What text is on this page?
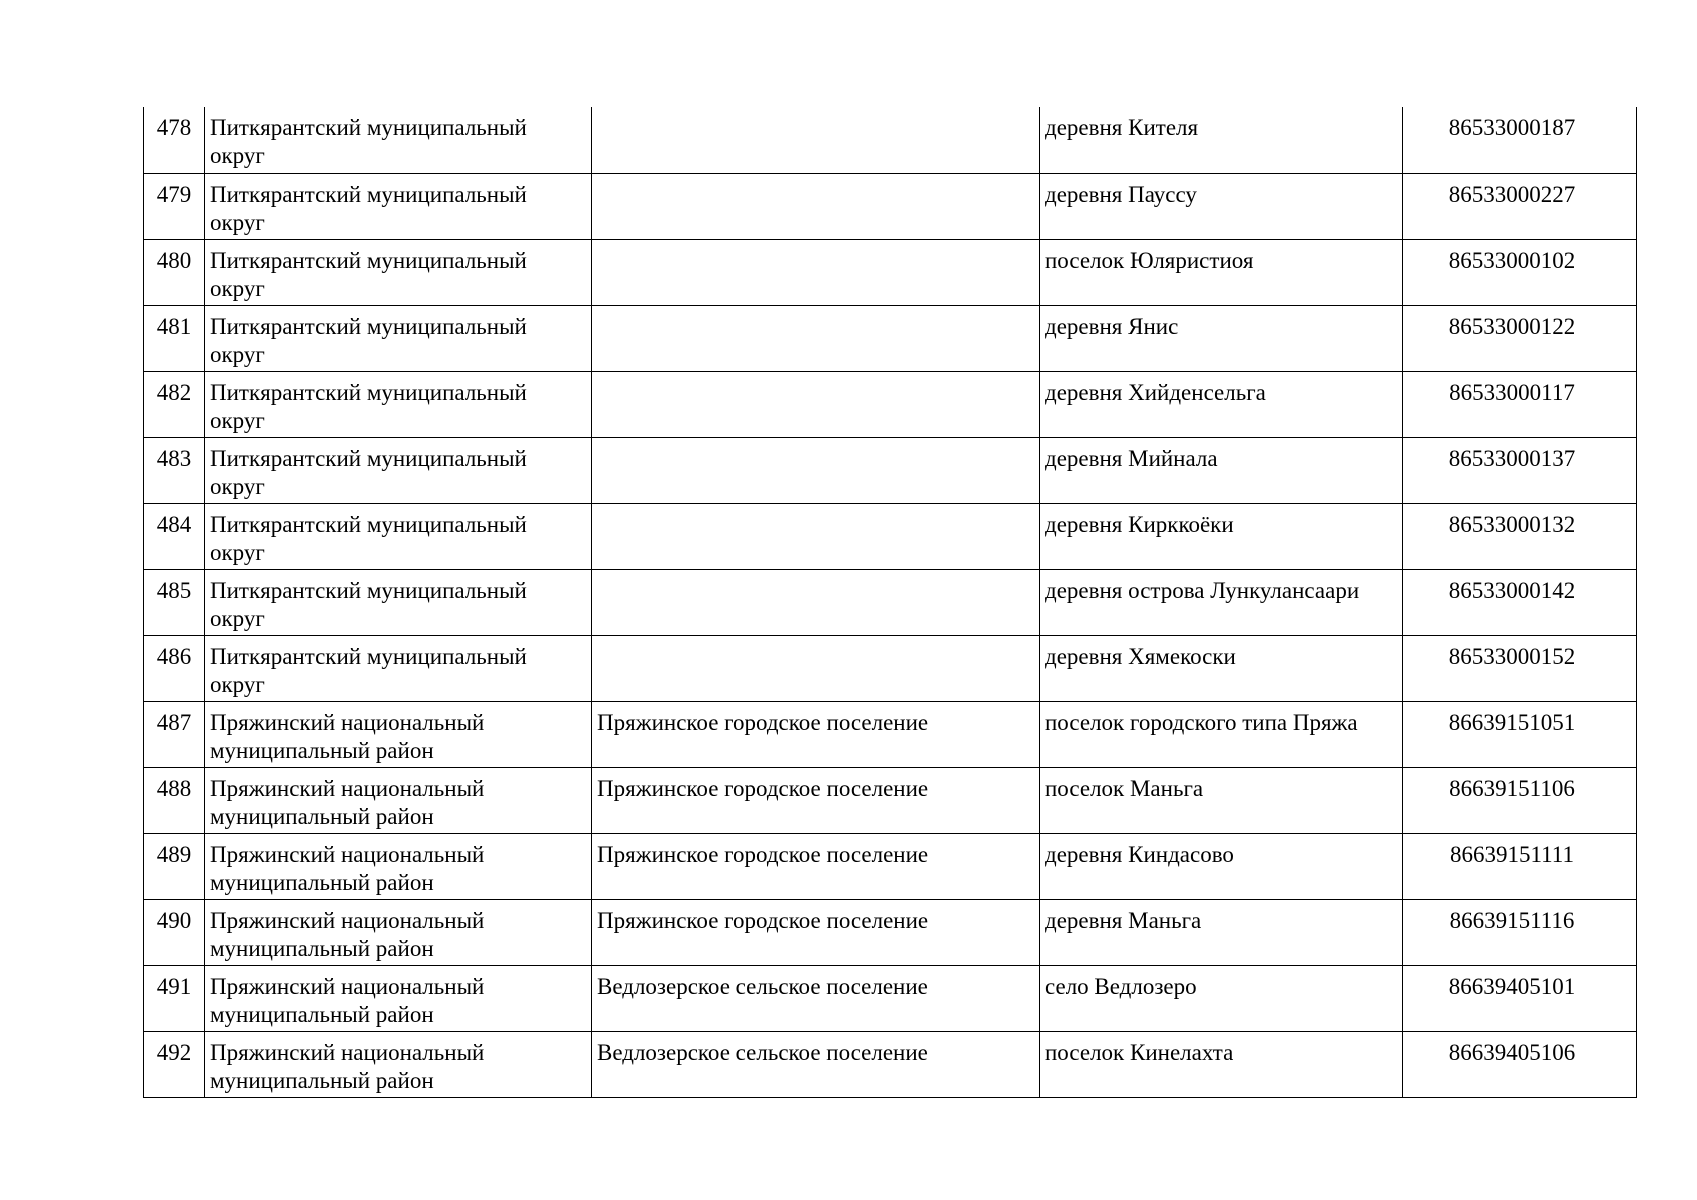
478	Питкярантский муниципальный округ		деревня Кителя	86533000187
479	Питкярантский муниципальный округ		деревня Пауссу	86533000227
480	Питкярантский муниципальный округ		поселок Юляристиоя	86533000102
481	Питкярантский муниципальный округ		деревня Янис	86533000122
482	Питкярантский муниципальный округ		деревня Хийденсельга	86533000117
483	Питкярантский муниципальный округ		деревня Мийнала	86533000137
484	Питкярантский муниципальный округ		деревня Кирккоёки	86533000132
485	Питкярантский муниципальный округ		деревня острова Лункулансаари	86533000142
486	Питкярантский муниципальный округ		деревня Хямекоски	86533000152
487	Пряжинский национальный муниципальный район	Пряжинское городское поселение	поселок городского типа Пряжа	86639151051
488	Пряжинский национальный муниципальный район	Пряжинское городское поселение	поселок Маньга	86639151106
489	Пряжинский национальный муниципальный район	Пряжинское городское поселение	деревня Киндасово	86639151111
490	Пряжинский национальный муниципальный район	Пряжинское городское поселение	деревня Маньга	86639151116
491	Пряжинский национальный муниципальный район	Ведлозерское сельское поселение	село Ведлозеро	86639405101
492	Пряжинский национальный муниципальный район	Ведлозерское сельское поселение	поселок Кинелахта	86639405106
